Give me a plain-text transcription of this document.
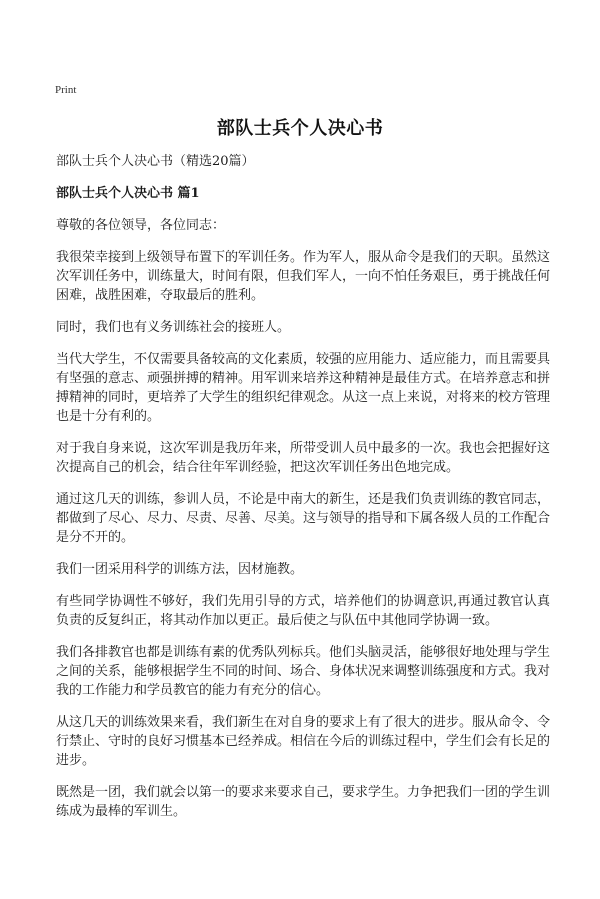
Print
部队士兵个人决心书

部队士兵个人决心书（精选20篇）

部队士兵个人决心书 篇1

尊敬的各位领导，各位同志：

我很荣幸接到上级领导布置下的军训任务。作为军人，服从命令是我们的天职。虽然这次军训任务中，训练量大，时间有限，但我们军人，一向不怕任务艰巨，勇于挑战任何困难，战胜困难，夺取最后的胜利。

同时，我们也有义务训练社会的接班人。

当代大学生，不仅需要具备较高的文化素质，较强的应用能力、适应能力，而且需要具有坚强的意志、顽强拼搏的精神。用军训来培养这种精神是最佳方式。在培养意志和拼搏精神的同时，更培养了大学生的组织纪律观念。从这一点上来说，对将来的校方管理也是十分有利的。

对于我自身来说，这次军训是我历年来，所带受训人员中最多的一次。我也会把握好这次提高自己的机会，结合往年军训经验，把这次军训任务出色地完成。

通过这几天的训练，参训人员，不论是中南大的新生，还是我们负责训练的教官同志，都做到了尽心、尽力、尽责、尽善、尽美。这与领导的指导和下属各级人员的工作配合是分不开的。

我们一团采用科学的训练方法，因材施教。

有些同学协调性不够好，我们先用引导的方式，培养他们的协调意识,再通过教官认真负责的反复纠正，将其动作加以更正。最后使之与队伍中其他同学协调一致。

我们各排教官也都是训练有素的优秀队列标兵。他们头脑灵活，能够很好地处理与学生之间的关系，能够根据学生不同的时间、场合、身体状况来调整训练强度和方式。我对我的工作能力和学员教官的能力有充分的信心。

从这几天的训练效果来看，我们新生在对自身的要求上有了很大的进步。服从命令、令行禁止、守时的良好习惯基本已经养成。相信在今后的训练过程中，学生们会有长足的进步。

既然是一团，我们就会以第一的要求来要求自己，要求学生。力争把我们一团的学生训练成为最棒的军训生。
